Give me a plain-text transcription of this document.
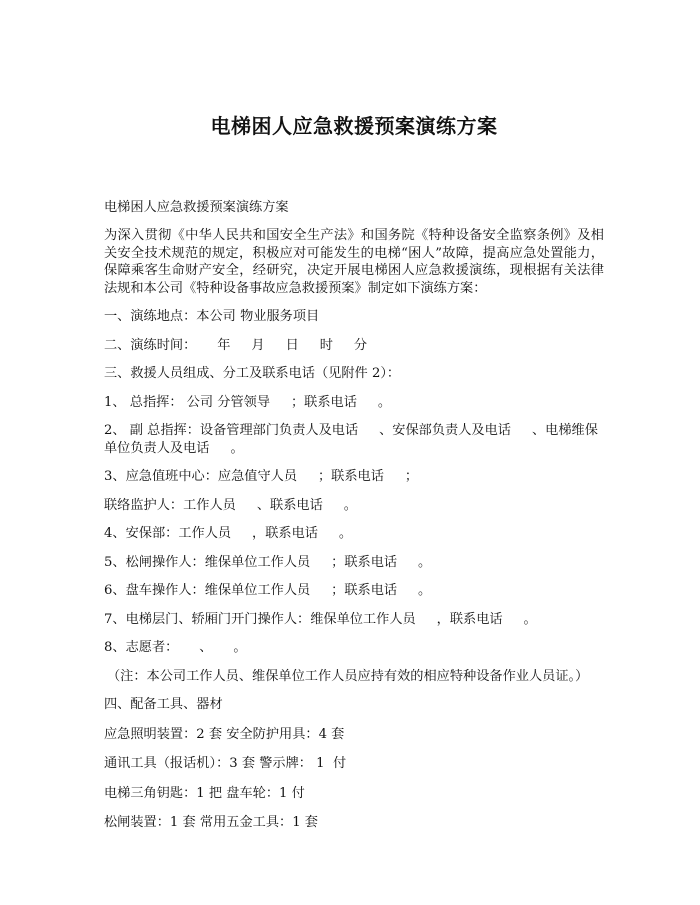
电梯困人应急救援预案演练方案
电梯困人应急救援预案演练方案
为深入贯彻《中华人民共和国安全生产法》和国务院《特种设备安全监察条例》及相关安全技术规范的规定，积极应对可能发生的电梯“困人”故障，提高应急处置能力，保障乘客生命财产安全，经研究，决定开展电梯困人应急救援演练，现根据有关法律法规和本公司《特种设备事故应急救援预案》制定如下演练方案：
一、演练地点：本公司 物业服务项目
二、演练时间：     年     月     日     时     分
三、救援人员组成、分工及联系电话（见附件 2）：
1、 总指挥： 公司 分管领导     ；联系电话     。
2、 副 总指挥：设备管理部门负责人及电话     、安保部负责人及电话     、电梯维保单位负责人及电话     。
3、应急值班中心：应急值守人员     ；联系电话     ；
联络监护人：工作人员     、联系电话     。
4、安保部：工作人员     ，联系电话     。
5、松闸操作人：维保单位工作人员     ；联系电话     。
6、盘车操作人：维保单位工作人员     ；联系电话     。
7、电梯层门、轿厢门开门操作人：维保单位工作人员     ，联系电话     。
8、志愿者：     、     。
（注：本公司工作人员、维保单位工作人员应持有效的相应特种设备作业人员证。）
四、配备工具、器材
应急照明装置：2 套 安全防护用具：4 套
通讯工具（报话机）：3 套 警示牌： 1  付
电梯三角钥匙：1 把 盘车轮：1 付
松闸装置：1 套 常用五金工具：1 套
